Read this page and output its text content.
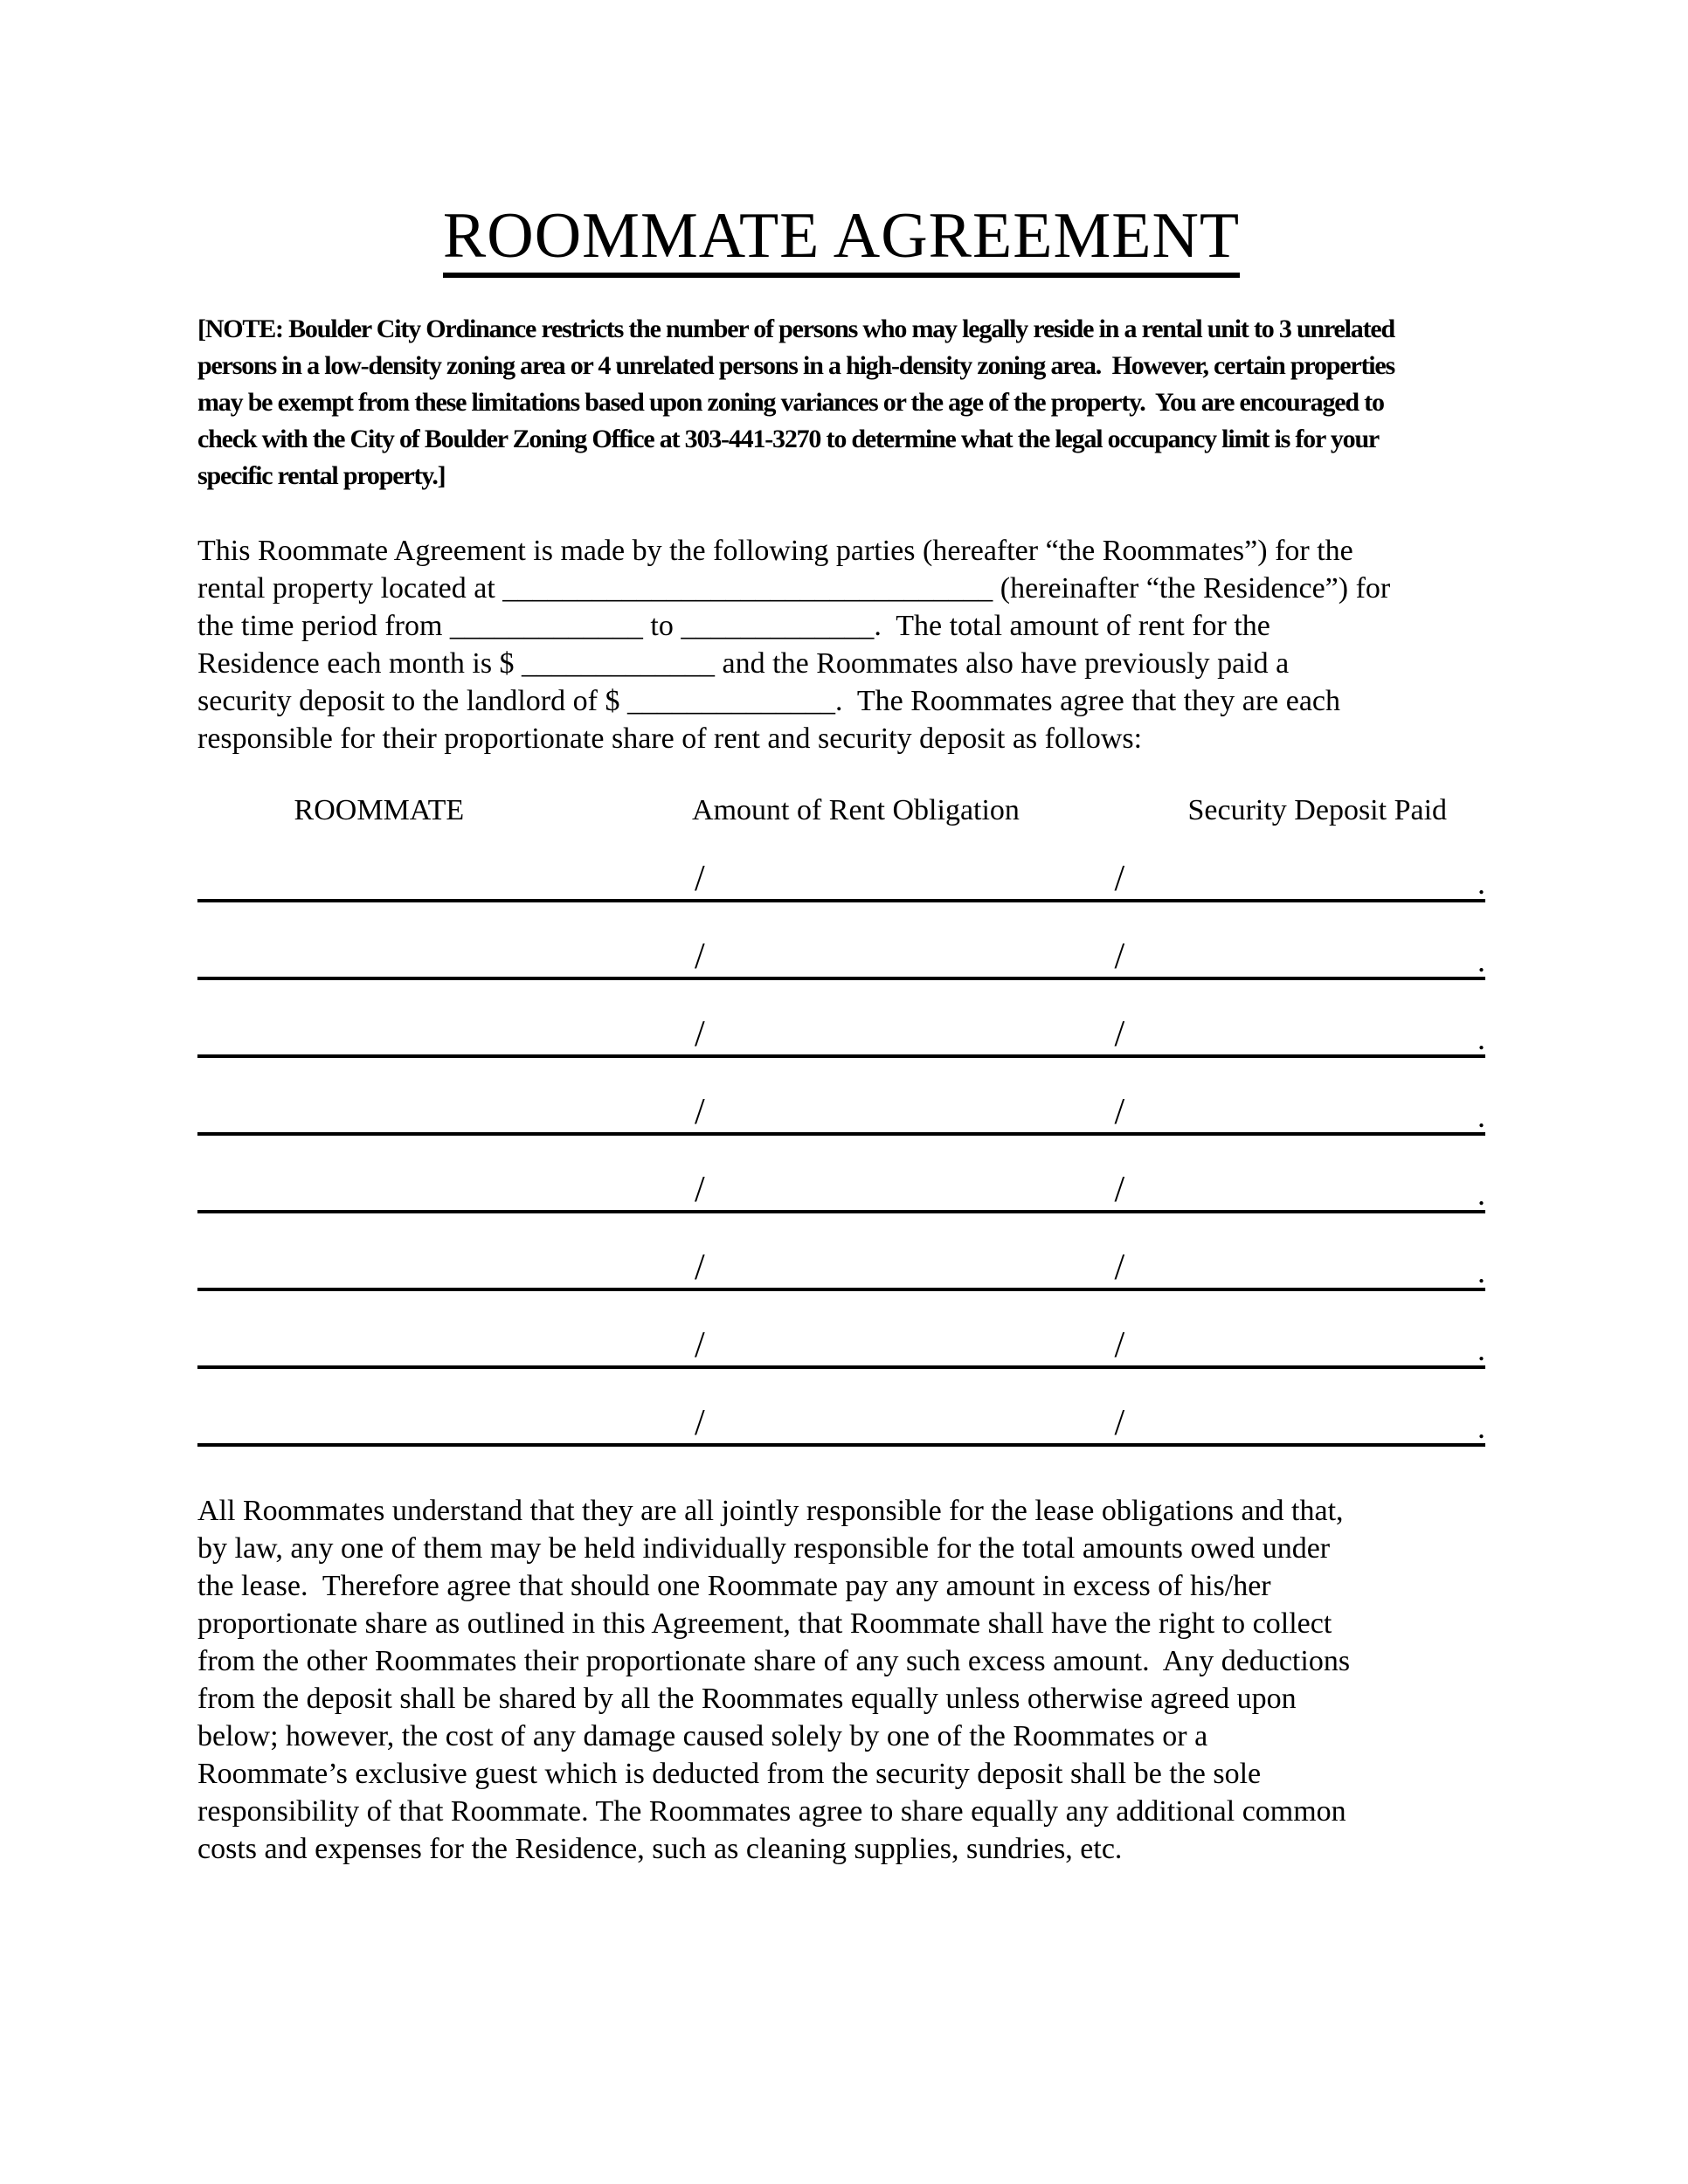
ROOMMATE AGREEMENT
[NOTE: Boulder City Ordinance restricts the number of persons who may legally reside in a rental unit to 3 unrelated
persons in a low-density zoning area or 4 unrelated persons in a high-density zoning area.  However, certain properties
may be exempt from these limitations based upon zoning variances or the age of the property.  You are encouraged to
check with the City of Boulder Zoning Office at 303-441-3270 to determine what the legal occupancy limit is for your
specific rental property.]
This Roommate Agreement is made by the following parties (hereafter “the Roommates”) for the
rental property located at _________________________________ (hereinafter “the Residence”) for
the time period from _____________ to _____________.  The total amount of rent for the
Residence each month is $ _____________ and the Roommates also have previously paid a
security deposit to the landlord of $ ______________.  The Roommates agree that they are each
responsible for their proportionate share of rent and security deposit as follows:
ROOMMATE	Amount of Rent Obligation	Security Deposit Paid
/	/	.
/	/	.
/	/	.
/	/	.
/	/	.
/	/	.
/	/	.
/	/	.
All Roommates understand that they are all jointly responsible for the lease obligations and that,
by law, any one of them may be held individually responsible for the total amounts owed under
the lease.  Therefore agree that should one Roommate pay any amount in excess of his/her
proportionate share as outlined in this Agreement, that Roommate shall have the right to collect
from the other Roommates their proportionate share of any such excess amount.  Any deductions
from the deposit shall be shared by all the Roommates equally unless otherwise agreed upon
below; however, the cost of any damage caused solely by one of the Roommates or a
Roommate’s exclusive guest which is deducted from the security deposit shall be the sole
responsibility of that Roommate. The Roommates agree to share equally any additional common
costs and expenses for the Residence, such as cleaning supplies, sundries, etc.
